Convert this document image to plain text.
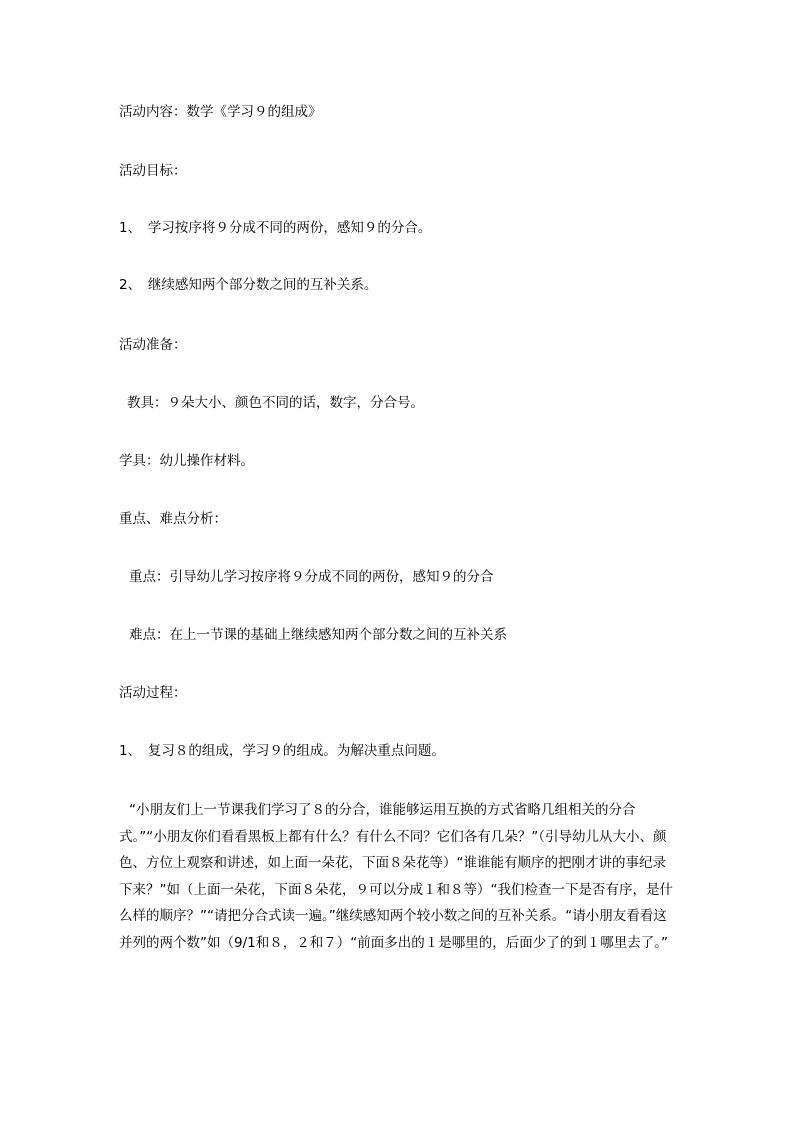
活动内容：数学《学习９的组成》
活动目标：
1、　学习按序将９分成不同的两份，感知９的分合。
2、　继续感知两个部分数之间的互补关系。
活动准备：
教具：９朵大小、颜色不同的话，数字，分合号。
学具：幼儿操作材料。
重点、难点分析：
重点：引导幼儿学习按序将９分成不同的两份，感知９的分合
难点：在上一节课的基础上继续感知两个部分数之间的互补关系
活动过程：
1、　复习８的组成，学习９的组成。为解决重点问题。

“小朋友们上一节课我们学习了８的分合，谁能够运用互换的方式省略几组相关的分合式。”“小朋友你们看看黑板上都有什么？有什么不同？它们各有几朵？”（引导幼儿从大小、颜色、方位上观察和讲述，如上面一朵花，下面８朵花等）“谁谁能有顺序的把刚才讲的事纪录下来？”如（上面一朵花，下面８朵花，９可以分成１和８等）“我们检查一下是否有序，是什么样的顺序？”“请把分合式读一遍。”继续感知两个较小数之间的互补关系。“请小朋友看看这并列的两个数”如（9/1和８，２和７）“前面多出的１是哪里的，后面少了的到１哪里去了。”
